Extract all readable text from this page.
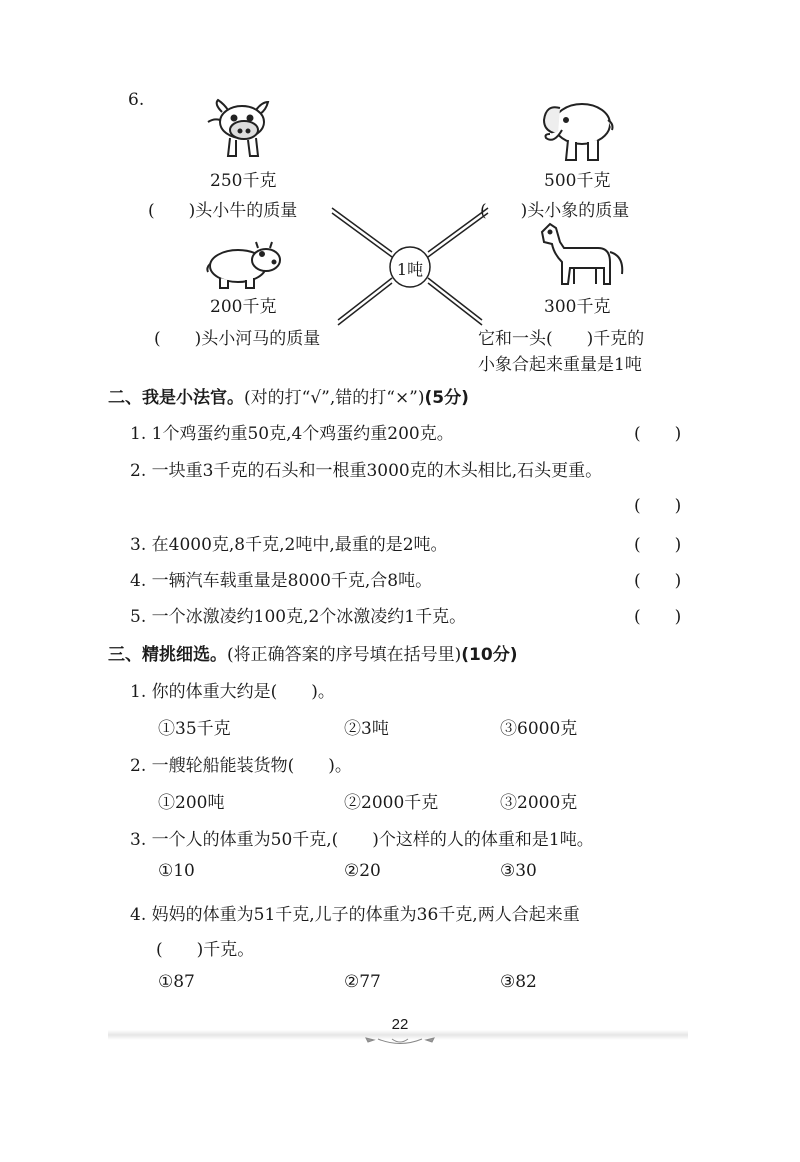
6.
250千克
(　　)头小牛的质量
500千克
(　　)头小象的质量
200千克
(　　)头小河马的质量
300千克
它和一头(　　)千克的
小象合起来重量是1吨
1吨
二、我是小法官。(对的打“√”,错的打“×”)(5分)
1. 1个鸡蛋约重50克,4个鸡蛋约重200克。	(　　)
2. 一块重3千克的石头和一根重3000克的木头相比,石头更重。
(　　)
3. 在4000克,8千克,2吨中,最重的是2吨。	(　　)
4. 一辆汽车载重量是8000千克,合8吨。	(　　)
5. 一个冰激凌约100克,2个冰激凌约1千克。	(　　)
三、精挑细选。(将正确答案的序号填在括号里)(10分)
1. 你的体重大约是(　　)。
①35千克	②3吨	③6000克
2. 一艘轮船能装货物(　　)。
①200吨	②2000千克	③2000克
3. 一个人的体重为50千克,(　　)个这样的人的体重和是1吨。
①10	②20	③30
4. 妈妈的体重为51千克,儿子的体重为36千克,两人合起来重
(　　)千克。
①87	②77	③82
22
